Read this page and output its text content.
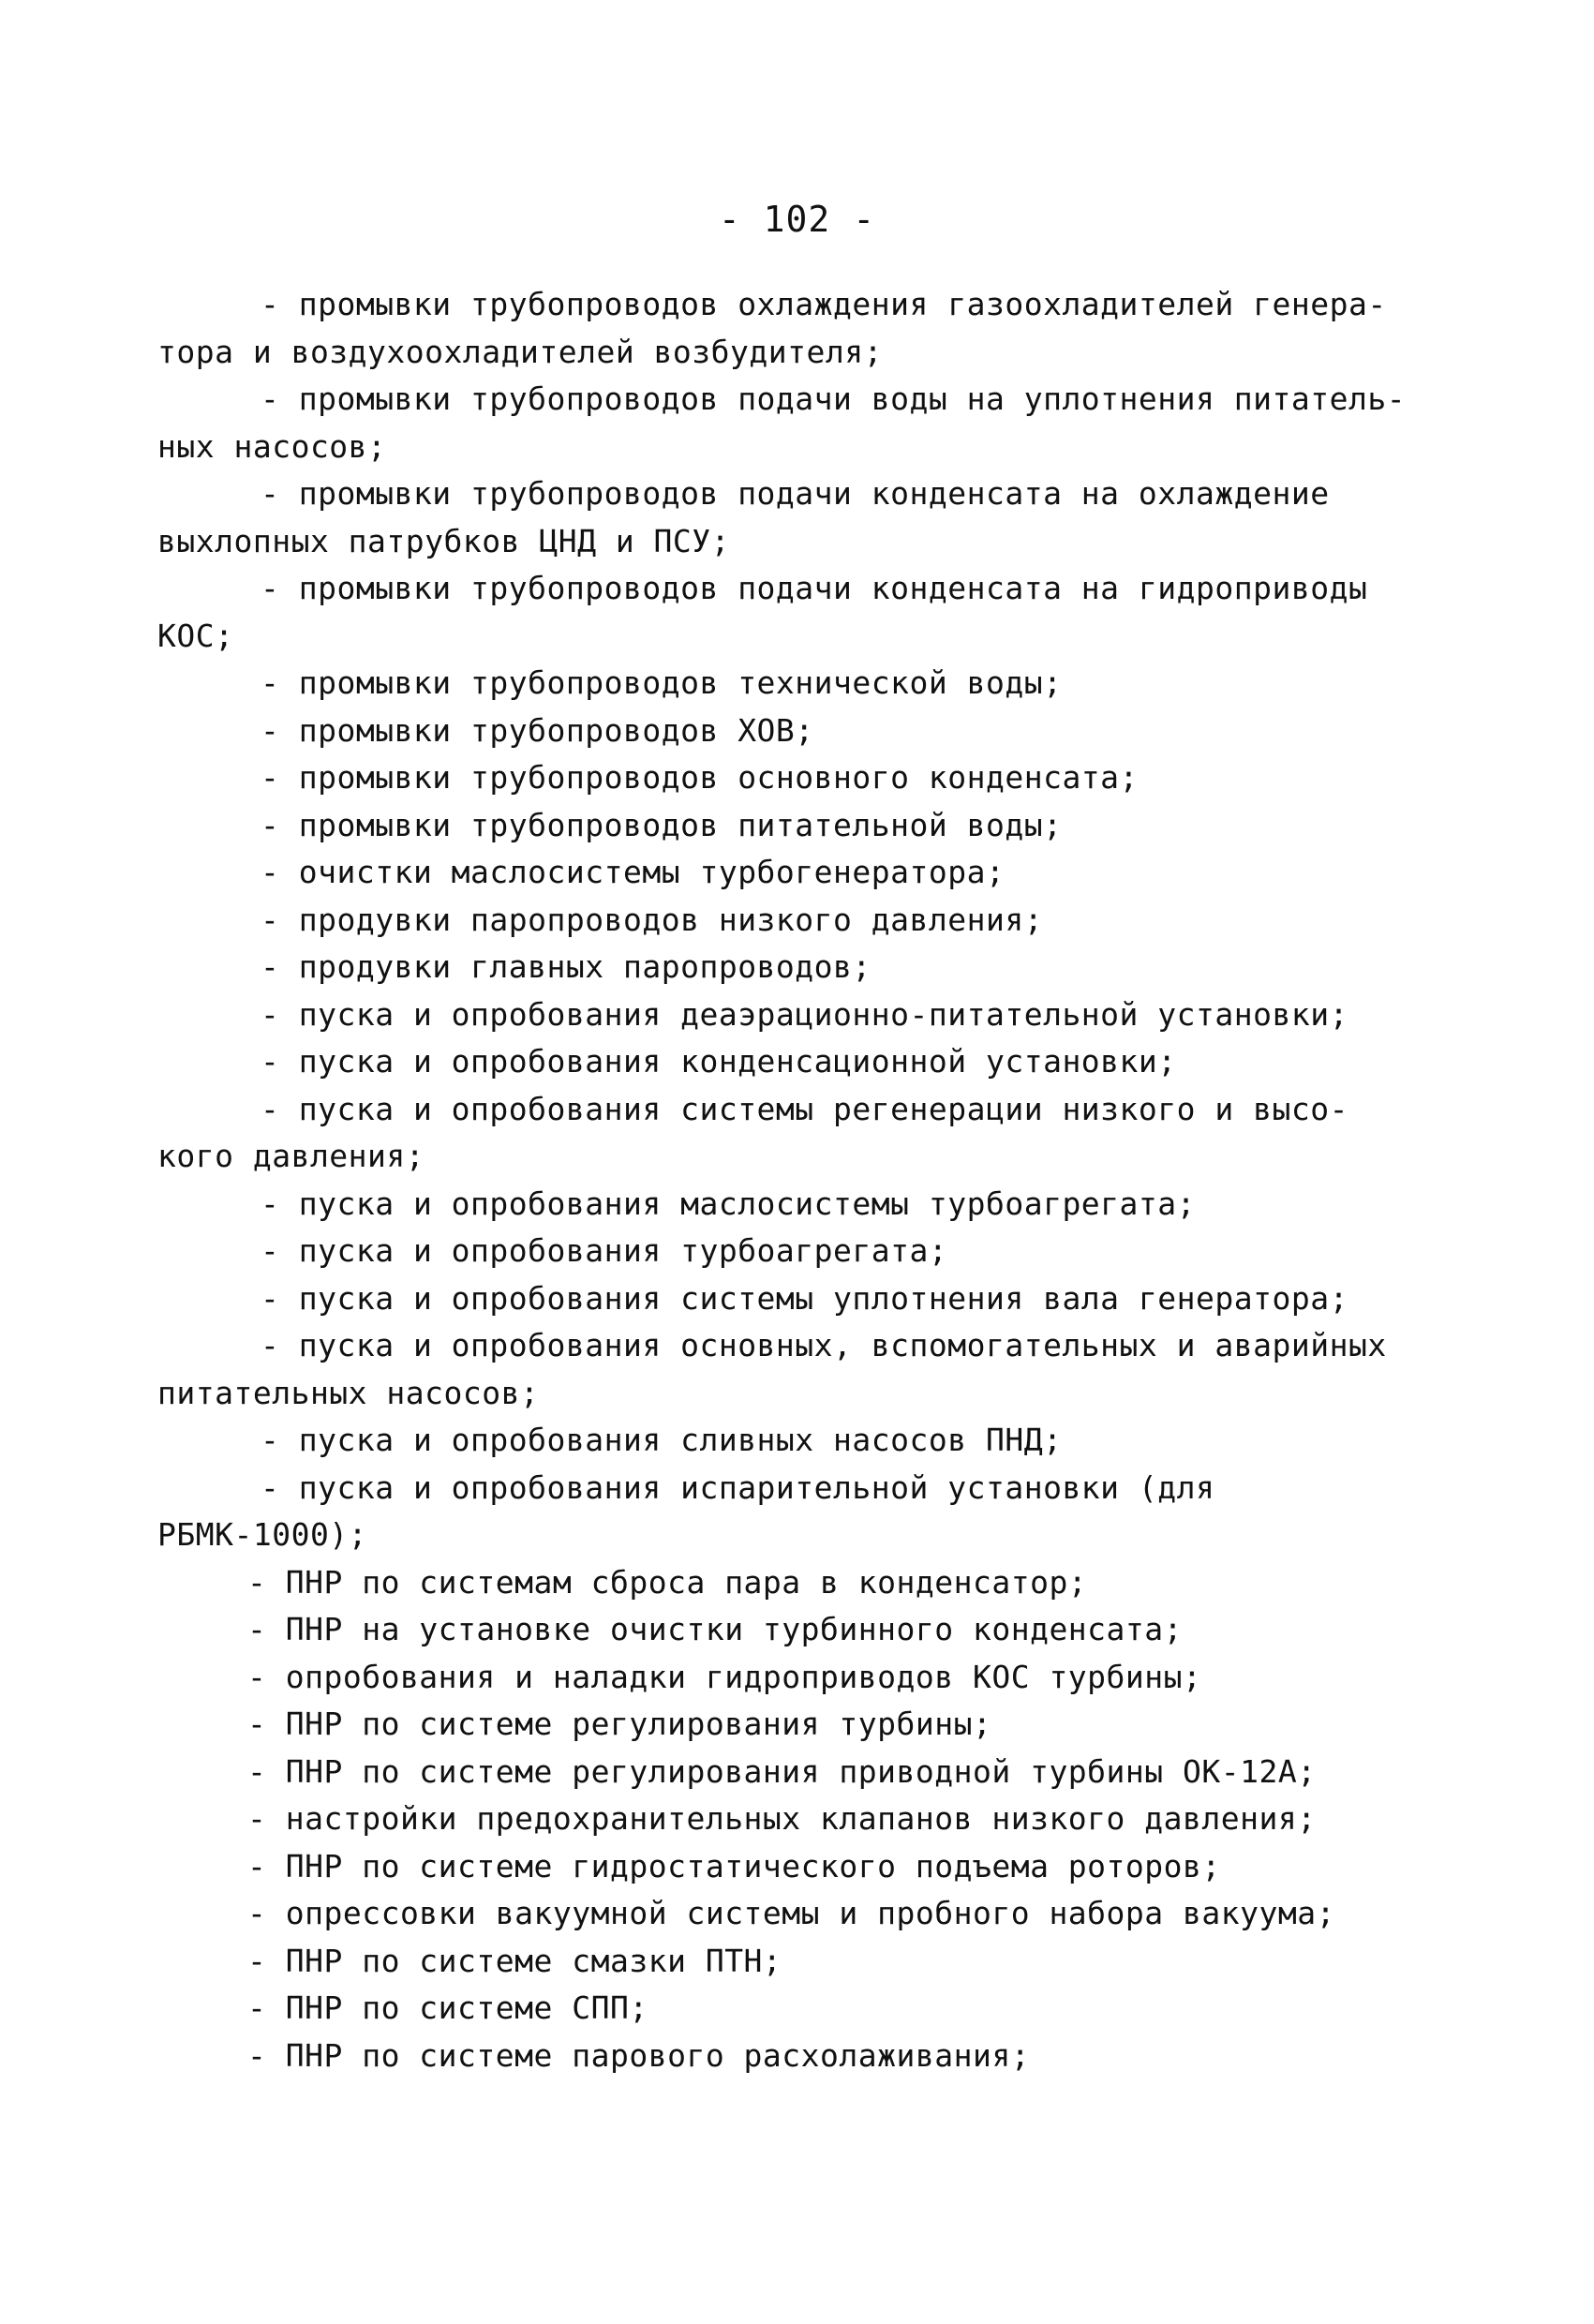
- 102 -
- промывки трубопроводов охлаждения газоохладителей генера-
тора и воздухоохладителей возбудителя;
- промывки трубопроводов подачи воды на уплотнения питатель-
ных насосов;
- промывки трубопроводов подачи конденсата на охлаждение
выхлопных патрубков ЦНД и ПСУ;
- промывки трубопроводов подачи конденсата на гидроприводы
КОС;
- промывки трубопроводов технической воды;
- промывки трубопроводов ХОВ;
- промывки трубопроводов основного конденсата;
- промывки трубопроводов питательной воды;
- очистки маслосистемы турбогенератора;
- продувки паропроводов низкого давления;
- продувки главных паропроводов;
- пуска и опробования деаэрационно-питательной установки;
- пуска и опробования конденсационной установки;
- пуска и опробования системы регенерации низкого и высо-
кого давления;
- пуска и опробования маслосистемы турбоагрегата;
- пуска и опробования турбоагрегата;
- пуска и опробования системы уплотнения вала генератора;
- пуска и опробования основных, вспомогательных и аварийных
питательных насосов;
- пуска и опробования сливных насосов ПНД;
- пуска и опробования испарительной установки (для
РБМК-1000);
- ПНР по системам сброса пара в конденсатор;
- ПНР на установке очистки турбинного конденсата;
- опробования и наладки гидроприводов КОС турбины;
- ПНР по системе регулирования турбины;
- ПНР по системе регулирования приводной турбины ОК-12А;
- настройки предохранительных клапанов низкого давления;
- ПНР по системе гидростатического подъема роторов;
- опрессовки вакуумной системы и пробного набора вакуума;
- ПНР по системе смазки ПТН;
- ПНР по системе СПП;
- ПНР по системе парового расхолаживания;
